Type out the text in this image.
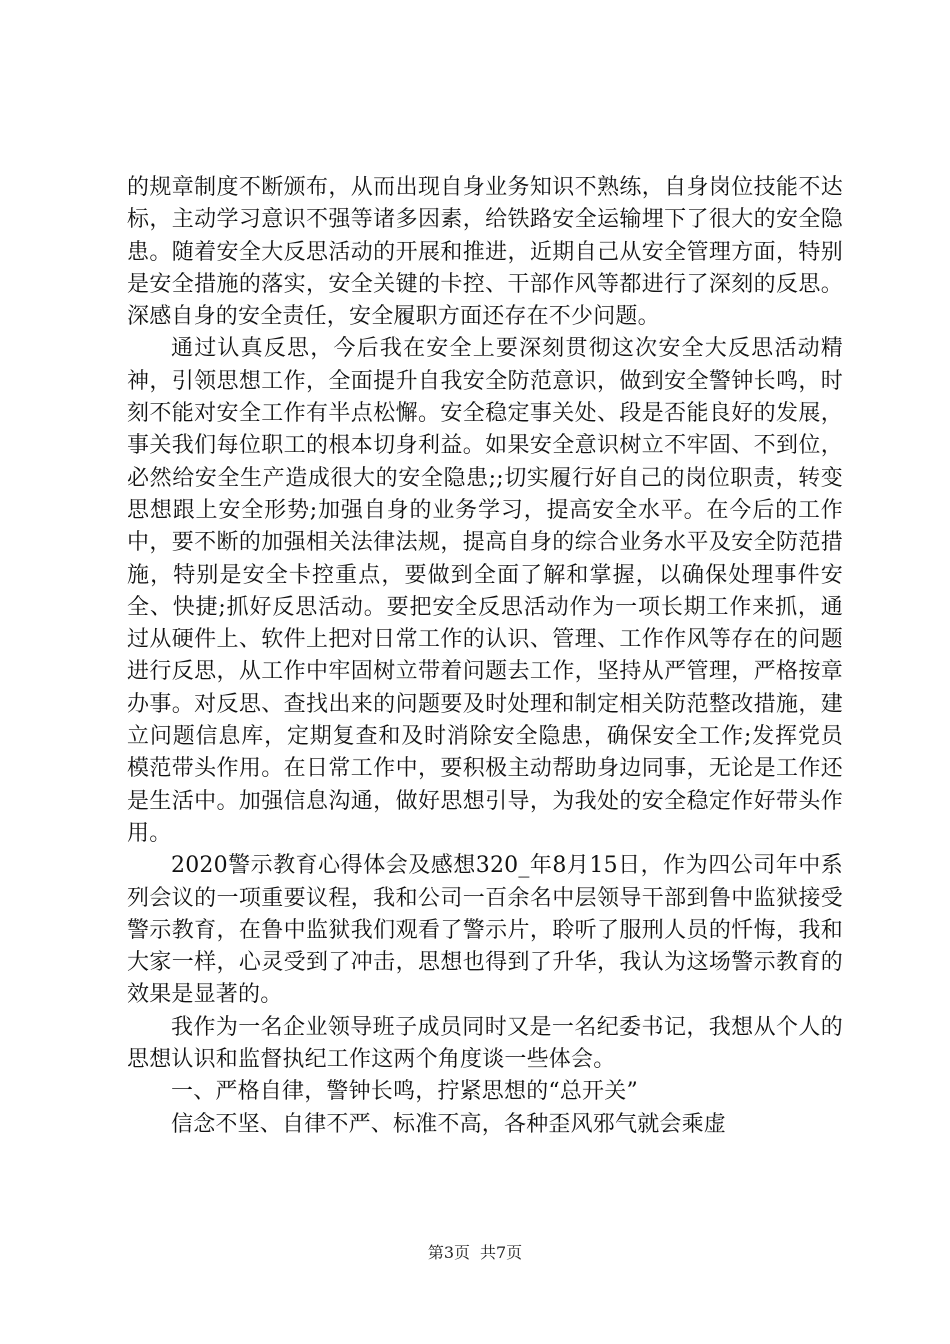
的规章制度不断颁布，从而出现自身业务知识不熟练，自身岗位技能不达标，主动学习意识不强等诸多因素，给铁路安全运输埋下了很大的安全隐患。随着安全大反思活动的开展和推进，近期自己从安全管理方面，特别是安全措施的落实，安全关键的卡控、干部作风等都进行了深刻的反思。深感自身的安全责任，安全履职方面还存在不少问题。

通过认真反思，今后我在安全上要深刻贯彻这次安全大反思活动精神，引领思想工作，全面提升自我安全防范意识，做到安全警钟长鸣，时刻不能对安全工作有半点松懈。安全稳定事关处、段是否能良好的发展，事关我们每位职工的根本切身利益。如果安全意识树立不牢固、不到位，必然给安全生产造成很大的安全隐患;;切实履行好自己的岗位职责，转变思想跟上安全形势;加强自身的业务学习，提高安全水平。在今后的工作中，要不断的加强相关法律法规，提高自身的综合业务水平及安全防范措施，特别是安全卡控重点，要做到全面了解和掌握，以确保处理事件安全、快捷;抓好反思活动。要把安全反思活动作为一项长期工作来抓，通过从硬件上、软件上把对日常工作的认识、管理、工作作风等存在的问题进行反思，从工作中牢固树立带着问题去工作，坚持从严管理，严格按章办事。对反思、查找出来的问题要及时处理和制定相关防范整改措施，建立问题信息库，定期复查和及时消除安全隐患，确保安全工作;发挥党员模范带头作用。在日常工作中，要积极主动帮助身边同事，无论是工作还是生活中。加强信息沟通，做好思想引导，为我处的安全稳定作好带头作用。

2020警示教育心得体会及感想320_年8月15日，作为四公司年中系列会议的一项重要议程，我和公司一百余名中层领导干部到鲁中监狱接受警示教育，在鲁中监狱我们观看了警示片，聆听了服刑人员的忏悔，我和大家一样，心灵受到了冲击，思想也得到了升华，我认为这场警示教育的效果是显著的。

我作为一名企业领导班子成员同时又是一名纪委书记，我想从个人的思想认识和监督执纪工作这两个角度谈一些体会。

一、严格自律，警钟长鸣，拧紧思想的“总开关”

信念不坚、自律不严、标准不高，各种歪风邪气就会乘虚

第3页 共7页
